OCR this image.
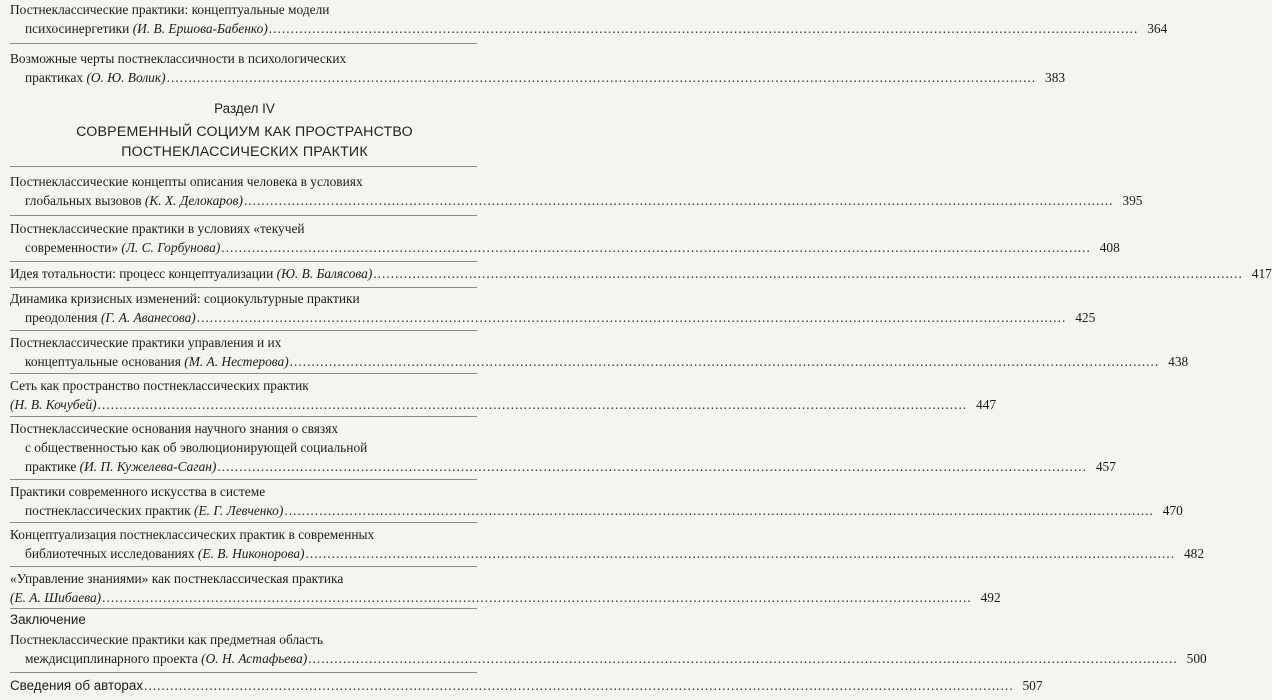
Постнеклассические практики: концептуальные модели
психосинергетики (И. В. Ершова-Бабенко) .....	364
Возможные черты постнеклассичности в психологических
практиках (О. Ю. Волик) .....	383
Раздел IV
СОВРЕМЕННЫЙ СОЦИУМ КАК ПРОСТРАНСТВО
ПОСТНЕКЛАССИЧЕСКИХ ПРАКТИК
Постнеклассические концепты описания человека в условиях
глобальных вызовов (К. Х. Делокаров) .....	395
Постнеклассические практики в условиях «текучей
современности» (Л. С. Горбунова) .....	408
Идея тотальности: процесс концептуализации (Ю. В. Балясова) .....	417
Динамика кризисных изменений: социокультурные практики
преодоления (Г. А. Аванесова) .....	425
Постнеклассические практики управления и их
концептуальные основания (М. А. Нестерова) .....	438
Сеть как пространство постнеклассических практик
(Н. В. Кочубей) .....	447
Постнеклассические основания научного знания о связях
с общественностью как об эволюционирующей социальной
практике (И. П. Кужелева-Саган) .....	457
Практики современного искусства в системе
постнеклассических практик (Е. Г. Левченко) .....	470
Концептуализация постнеклассических практик в современных
библиотечных исследованиях (Е. В. Никонорова) .....	482
«Управление знаниями» как постнеклассическая практика
(Е. А. Шибаева) .....	492
Заключение
Постнеклассические практики как предметная область
междисциплинарного проекта (О. Н. Астафьева) .....	500
Сведения об авторах .....	507
